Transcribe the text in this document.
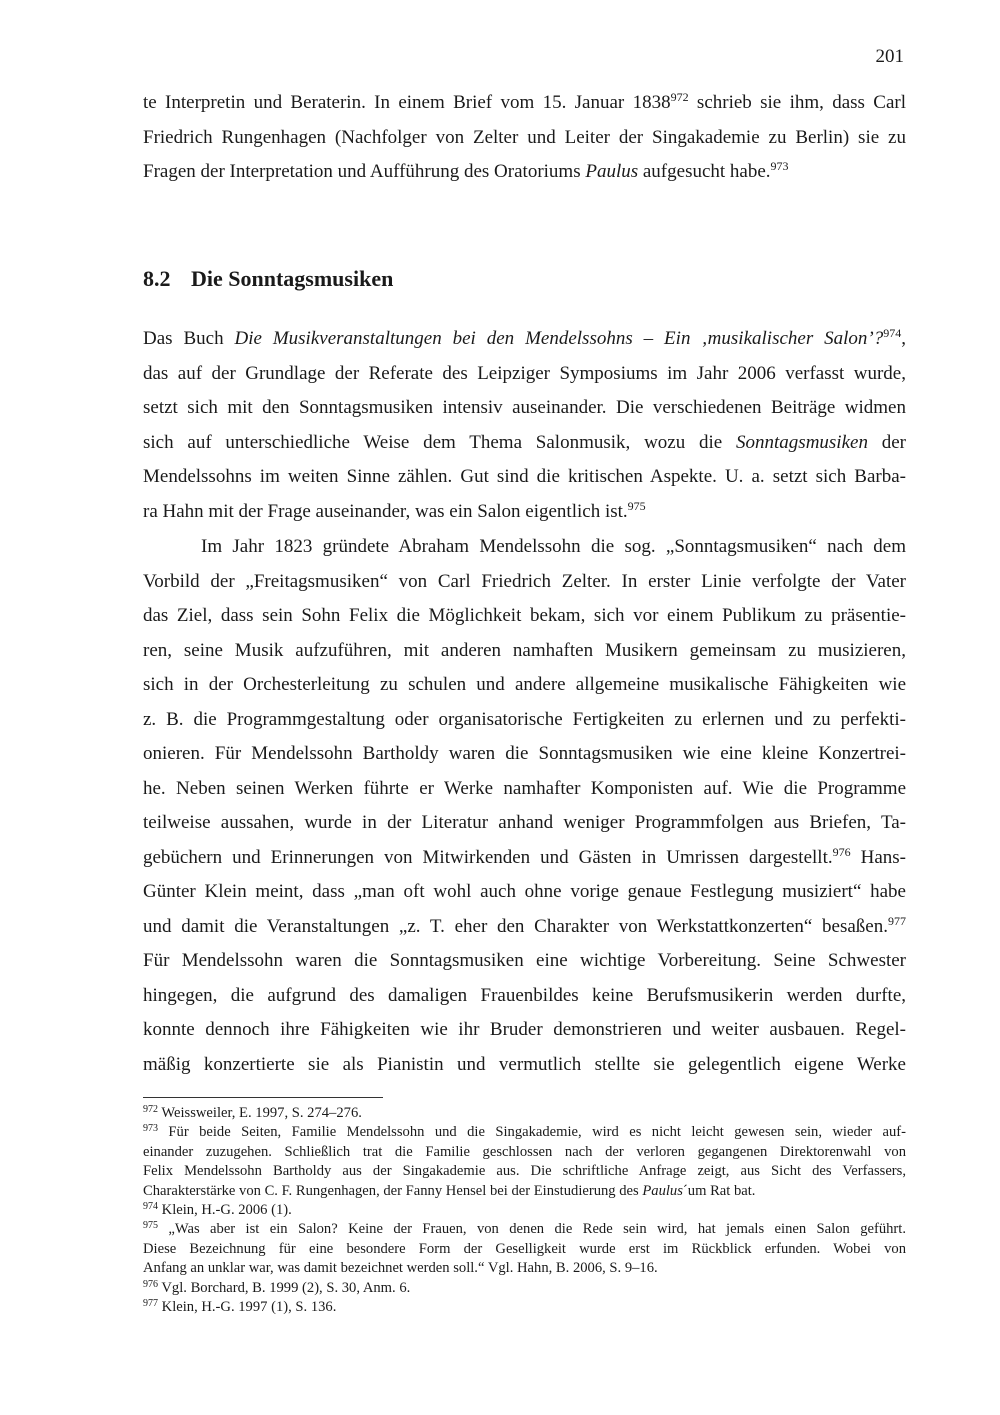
201
te Interpretin und Beraterin. In einem Brief vom 15. Januar 1838$^{972}$ schrieb sie ihm, dass Carl
Friedrich Rungenhagen (Nachfolger von Zelter und Leiter der Singakademie zu Berlin) sie zu
Fragen der Interpretation und Aufführung des Oratoriums Paulus aufgesucht habe.$^{973}$
8.2 Die Sonntagsmusiken
Das Buch Die Musikveranstaltungen bei den Mendelssohns – Ein ‚musikalischer Salon’?$^{974}$,
das auf der Grundlage der Referate des Leipziger Symposiums im Jahr 2006 verfasst wurde,
setzt sich mit den Sonntagsmusiken intensiv auseinander. Die verschiedenen Beiträge widmen
sich auf unterschiedliche Weise dem Thema Salonmusik, wozu die Sonntagsmusiken der
Mendelssohns im weiten Sinne zählen. Gut sind die kritischen Aspekte. U. a. setzt sich Barba-
ra Hahn mit der Frage auseinander, was ein Salon eigentlich ist.$^{975}$
Im Jahr 1823 gründete Abraham Mendelssohn die sog. „Sonntagsmusiken“ nach dem
Vorbild der „Freitagsmusiken“ von Carl Friedrich Zelter. In erster Linie verfolgte der Vater
das Ziel, dass sein Sohn Felix die Möglichkeit bekam, sich vor einem Publikum zu präsentie-
ren, seine Musik aufzuführen, mit anderen namhaften Musikern gemeinsam zu musizieren,
sich in der Orchesterleitung zu schulen und andere allgemeine musikalische Fähigkeiten wie
z. B. die Programmgestaltung oder organisatorische Fertigkeiten zu erlernen und zu perfekti-
onieren. Für Mendelssohn Bartholdy waren die Sonntagsmusiken wie eine kleine Konzertrei-
he. Neben seinen Werken führte er Werke namhafter Komponisten auf. Wie die Programme
teilweise aussahen, wurde in der Literatur anhand weniger Programmfolgen aus Briefen, Ta-
gebüchern und Erinnerungen von Mitwirkenden und Gästen in Umrissen dargestellt.$^{976}$ Hans-
Günter Klein meint, dass „man oft wohl auch ohne vorige genaue Festlegung musiziert“ habe
und damit die Veranstaltungen „z. T. eher den Charakter von Werkstattkonzerten“ besaßen.$^{977}$
Für Mendelssohn waren die Sonntagsmusiken eine wichtige Vorbereitung. Seine Schwester
hingegen, die aufgrund des damaligen Frauenbildes keine Berufsmusikerin werden durfte,
konnte dennoch ihre Fähigkeiten wie ihr Bruder demonstrieren und weiter ausbauen. Regel-
mäßig konzertierte sie als Pianistin und vermutlich stellte sie gelegentlich eigene Werke
$^{972}$ Weissweiler, E. 1997, S. 274–276.
$^{973}$ Für beide Seiten, Familie Mendelssohn und die Singakademie, wird es nicht leicht gewesen sein, wieder auf-
einander zuzugehen. Schließlich trat die Familie geschlossen nach der verloren gegangenen Direktorenwahl von
Felix Mendelssohn Bartholdy aus der Singakademie aus. Die schriftliche Anfrage zeigt, aus Sicht des Verfassers,
Charakterstärke von C. F. Rungenhagen, der Fanny Hensel bei der Einstudierung des Paulus´um Rat bat.
$^{974}$ Klein, H.-G. 2006 (1).
$^{975}$ „Was aber ist ein Salon? Keine der Frauen, von denen die Rede sein wird, hat jemals einen Salon geführt.
Diese Bezeichnung für eine besondere Form der Geselligkeit wurde erst im Rückblick erfunden. Wobei von
Anfang an unklar war, was damit bezeichnet werden soll.“ Vgl. Hahn, B. 2006, S. 9–16.
$^{976}$ Vgl. Borchard, B. 1999 (2), S. 30, Anm. 6.
$^{977}$ Klein, H.-G. 1997 (1), S. 136.
